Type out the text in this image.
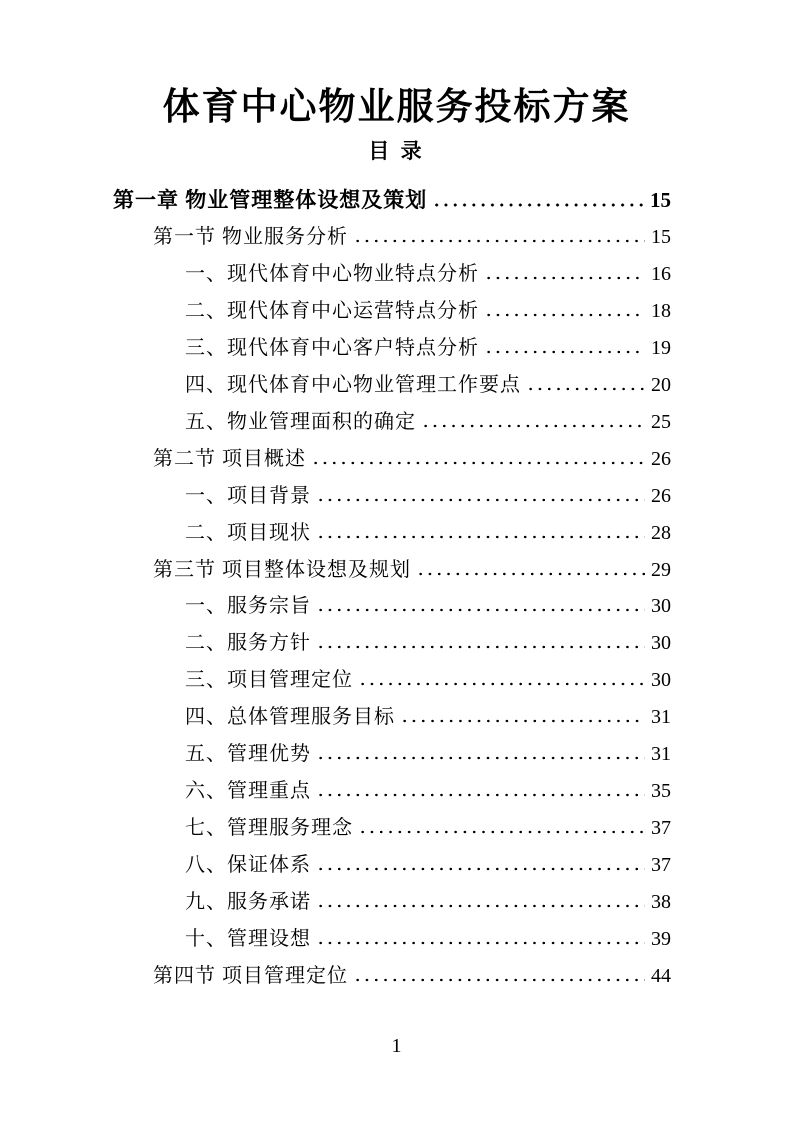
体育中心物业服务投标方案
目 录
第一章 物业管理整体设想及策划	15
第一节 物业服务分析	15
一、现代体育中心物业特点分析	16
二、现代体育中心运营特点分析	18
三、现代体育中心客户特点分析	19
四、现代体育中心物业管理工作要点	20
五、物业管理面积的确定	25
第二节 项目概述	26
一、项目背景	26
二、项目现状	28
第三节 项目整体设想及规划	29
一、服务宗旨	30
二、服务方针	30
三、项目管理定位	30
四、总体管理服务目标	31
五、管理优势	31
六、管理重点	35
七、管理服务理念	37
八、保证体系	37
九、服务承诺	38
十、管理设想	39
第四节 项目管理定位	44
1
